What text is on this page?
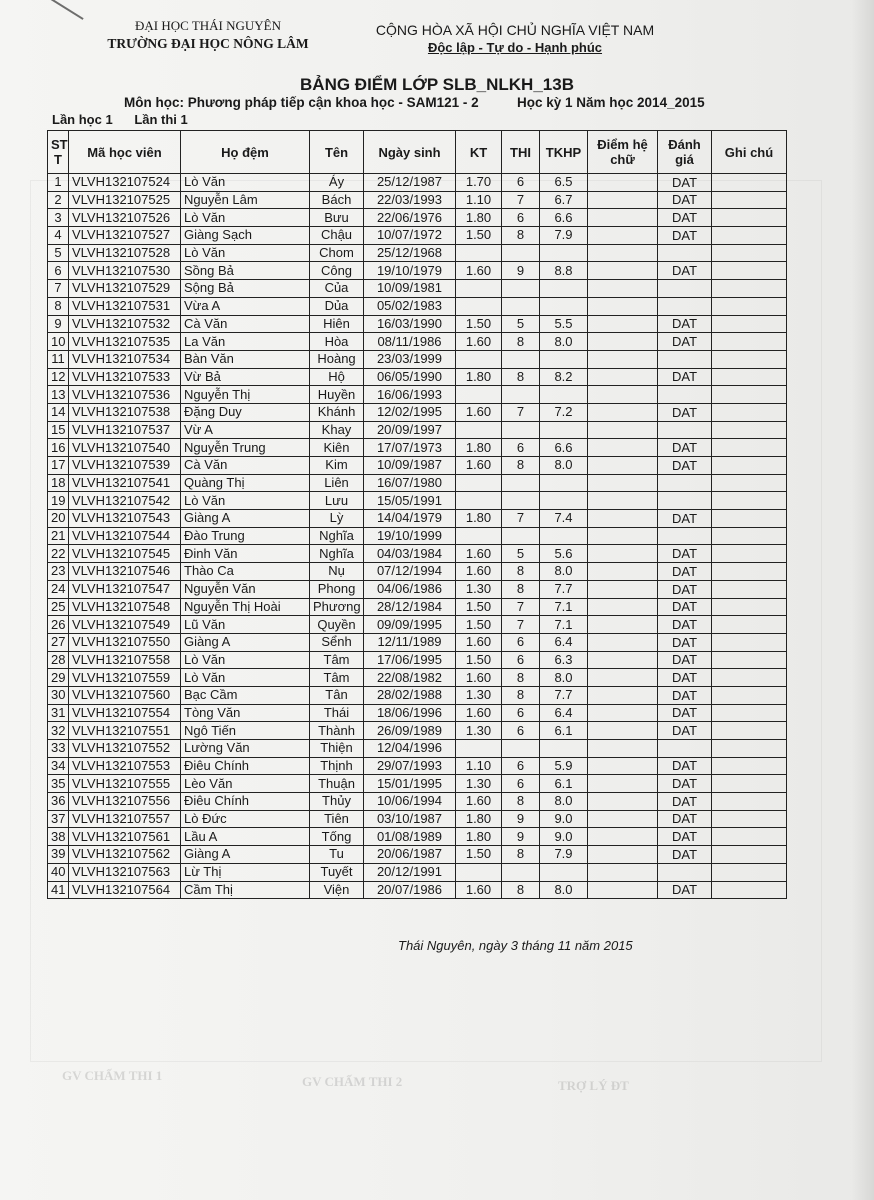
ĐẠI HỌC THÁI NGUYÊN
TRƯỜNG ĐẠI HỌC NÔNG LÂM
CỘNG HÒA XÃ HỘI CHỦ NGHĨA VIỆT NAM
Độc lập - Tự do - Hạnh phúc
BẢNG ĐIỂM LỚP SLB_NLKH_13B
Môn học: Phương pháp tiếp cận khoa học - SAM121 - 2	Học kỳ 1 Năm học 2014_2015
Lần học 1 Lần thi 1
ST T	Mã học viên	Họ đệm	Tên	Ngày sinh	KT	THI	TKHP	Điểm hệ chữ	Đánh giá	Ghi chú
1	VLVH132107524	Lò Văn	Áy	25/12/1987	1.70	6	6.5		DAT	
2	VLVH132107525	Nguyễn Lâm	Bách	22/03/1993	1.10	7	6.7		DAT	
3	VLVH132107526	Lò Văn	Bưu	22/06/1976	1.80	6	6.6		DAT	
4	VLVH132107527	Giàng Sạch	Chậu	10/07/1972	1.50	8	7.9		DAT	
5	VLVH132107528	Lò Văn	Chom	25/12/1968						
6	VLVH132107530	Sồng Bả	Công	19/10/1979	1.60	9	8.8		DAT	
7	VLVH132107529	Sộng Bả	Của	10/09/1981						
8	VLVH132107531	Vừa A	Dủa	05/02/1983						
9	VLVH132107532	Cà Văn	Hiên	16/03/1990	1.50	5	5.5		DAT	
10	VLVH132107535	La Văn	Hòa	08/11/1986	1.60	8	8.0		DAT	
11	VLVH132107534	Bàn Văn	Hoàng	23/03/1999						
12	VLVH132107533	Vừ Bả	Hộ	06/05/1990	1.80	8	8.2		DAT	
13	VLVH132107536	Nguyễn Thị	Huyền	16/06/1993						
14	VLVH132107538	Đặng Duy	Khánh	12/02/1995	1.60	7	7.2		DAT	
15	VLVH132107537	Vừ A	Khay	20/09/1997						
16	VLVH132107540	Nguyễn Trung	Kiên	17/07/1973	1.80	6	6.6		DAT	
17	VLVH132107539	Cà Văn	Kim	10/09/1987	1.60	8	8.0		DAT	
18	VLVH132107541	Quàng Thị	Liên	16/07/1980						
19	VLVH132107542	Lò Văn	Lưu	15/05/1991						
20	VLVH132107543	Giàng A	Lỳ	14/04/1979	1.80	7	7.4		DAT	
21	VLVH132107544	Đào Trung	Nghĩa	19/10/1999						
22	VLVH132107545	Đinh Văn	Nghĩa	04/03/1984	1.60	5	5.6		DAT	
23	VLVH132107546	Thào Ca	Nụ	07/12/1994	1.60	8	8.0		DAT	
24	VLVH132107547	Nguyễn Văn	Phong	04/06/1986	1.30	8	7.7		DAT	
25	VLVH132107548	Nguyễn Thị Hoài	Phương	28/12/1984	1.50	7	7.1		DAT	
26	VLVH132107549	Lũ Văn	Quyền	09/09/1995	1.50	7	7.1		DAT	
27	VLVH132107550	Giàng A	Sểnh	12/11/1989	1.60	6	6.4		DAT	
28	VLVH132107558	Lò Văn	Tâm	17/06/1995	1.50	6	6.3		DAT	
29	VLVH132107559	Lò Văn	Tâm	22/08/1982	1.60	8	8.0		DAT	
30	VLVH132107560	Bạc Cầm	Tân	28/02/1988	1.30	8	7.7		DAT	
31	VLVH132107554	Tòng Văn	Thái	18/06/1996	1.60	6	6.4		DAT	
32	VLVH132107551	Ngô Tiến	Thành	26/09/1989	1.30	6	6.1		DAT	
33	VLVH132107552	Lường Văn	Thiện	12/04/1996						
34	VLVH132107553	Điêu Chính	Thịnh	29/07/1993	1.10	6	5.9		DAT	
35	VLVH132107555	Lèo Văn	Thuận	15/01/1995	1.30	6	6.1		DAT	
36	VLVH132107556	Điêu Chính	Thủy	10/06/1994	1.60	8	8.0		DAT	
37	VLVH132107557	Lò Đức	Tiên	03/10/1987	1.80	9	9.0		DAT	
38	VLVH132107561	Lầu A	Tống	01/08/1989	1.80	9	9.0		DAT	
39	VLVH132107562	Giàng A	Tu	20/06/1987	1.50	8	7.9		DAT	
40	VLVH132107563	Lừ Thị	Tuyết	20/12/1991						
41	VLVH132107564	Cầm Thị	Viện	20/07/1986	1.60	8	8.0		DAT	
Thái Nguyên, ngày 3 tháng 11 năm 2015
GV CHẤM THI 1	GV CHẤM THI 2	TRỢ LÝ ĐT
